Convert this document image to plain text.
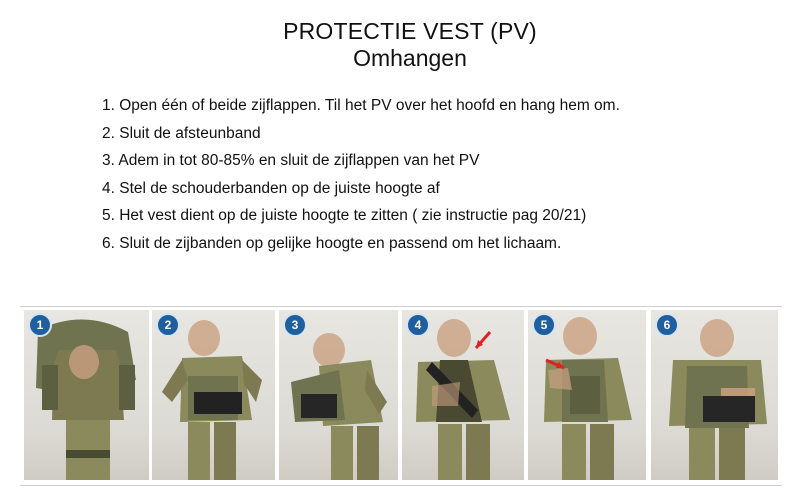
PROTECTIE VEST (PV)
Omhangen
1. Open één of beide zijflappen. Til het PV over het hoofd en hang hem om.
2. Sluit de afsteunband
3. Adem in tot 80-85% en sluit de zijflappen van het PV
4. Stel de schouderbanden op de juiste hoogte af
5. Het vest dient op de juiste hoogte te zitten ( zie instructie pag 20/21)
6. Sluit de zijbanden op gelijke hoogte en passend om het lichaam.
1	2	3	4	5	6
